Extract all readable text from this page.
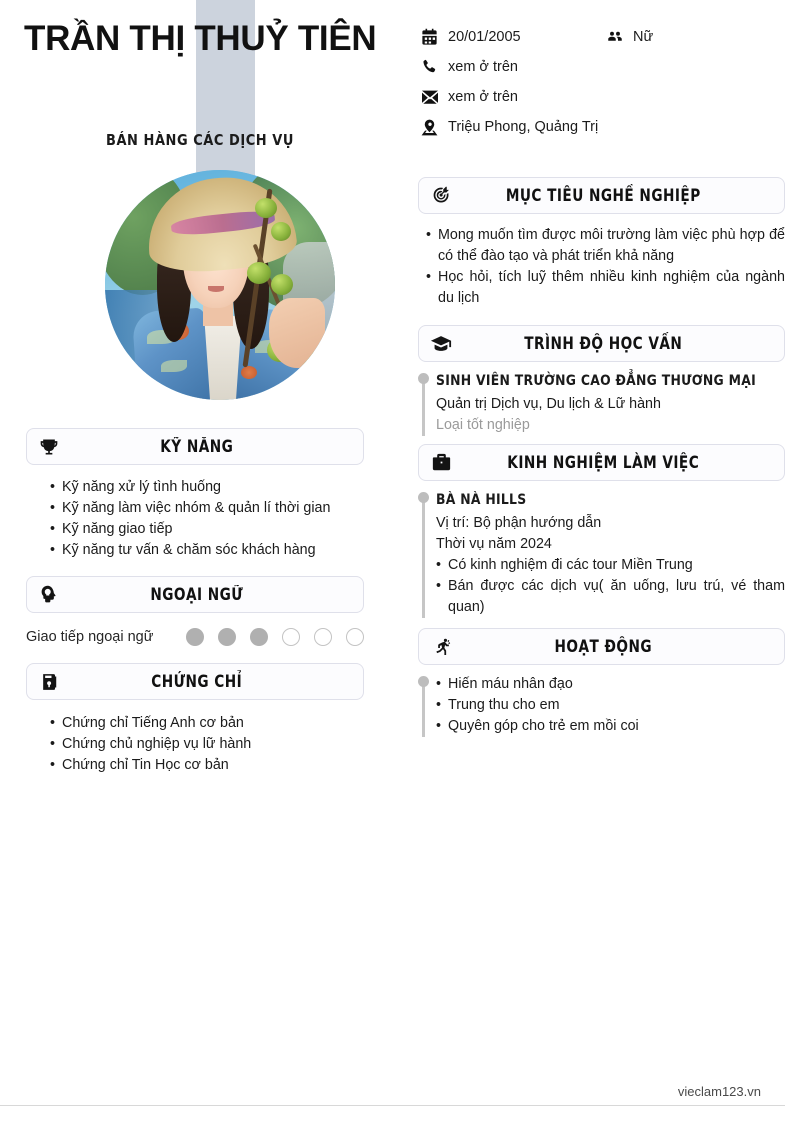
TRẦN THỊ THUỶ TIÊN
BÁN HÀNG CÁC DỊCH VỤ
KỸ NĂNG
• Kỹ năng xử lý tình huống
• Kỹ năng làm việc nhóm & quản lí thời gian
• Kỹ năng giao tiếp
• Kỹ năng tư vấn & chăm sóc khách hàng
NGOẠI NGỮ
Giao tiếp ngoại ngữ
CHỨNG CHỈ
• Chứng chỉ Tiếng Anh cơ bản
• Chứng chủ nghiệp vụ lữ hành
• Chứng chỉ Tin Học cơ bản
20/01/2005	Nữ
xem ở trên
xem ở trên
Triệu Phong, Quảng Trị
MỤC TIÊU NGHỀ NGHIỆP
• Mong muốn tìm được môi trường làm việc phù hợp để có thể đào tạo và phát triển khả năng
• Học hỏi, tích luỹ thêm nhiều kinh nghiệm của ngành du lịch
TRÌNH ĐỘ HỌC VẤN
SINH VIÊN TRƯỜNG CAO ĐẲNG THƯƠNG MẠI
Quản trị Dịch vụ, Du lịch & Lữ hành
Loại tốt nghiệp
KINH NGHIỆM LÀM VIỆC
BÀ NÀ HILLS
Vị trí: Bộ phận hướng dẫn
Thời vụ năm 2024
• Có kinh nghiệm đi các tour Miền Trung
• Bán được các dịch vụ( ăn uống, lưu trú, vé tham quan)
HOẠT ĐỘNG
• Hiến máu nhân đạo
• Trung thu cho em
• Quyên góp cho trẻ em mồi coi
vieclam123.vn
